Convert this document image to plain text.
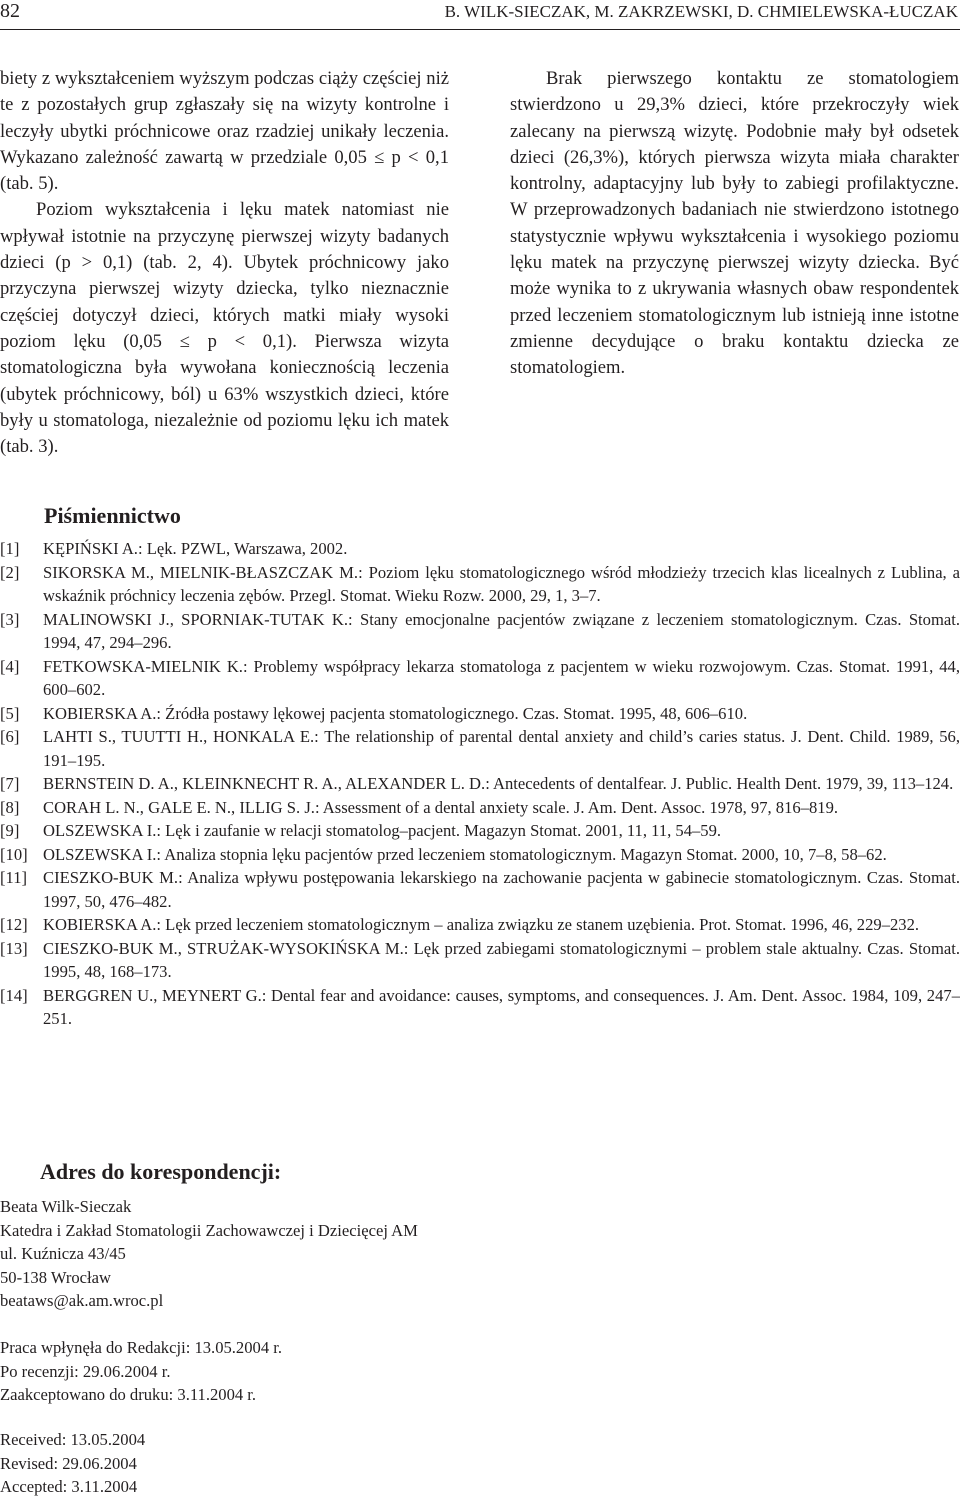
82	B. WILK-SIECZAK, M. ZAKRZEWSKI, D. CHMIELEWSKA-ŁUCZAK

biety z wykształceniem wyższym podczas ciąży częściej niż te z pozostałych grup zgłaszały się na wizyty kontrolne i leczyły ubytki próchnicowe oraz rzadziej unikały leczenia. Wykazano zależność zawartą w przedziale 0,05 ≤ p < 0,1 (tab. 5).

Poziom wykształcenia i lęku matek natomiast nie wpływał istotnie na przyczynę pierwszej wizyty badanych dzieci (p > 0,1) (tab. 2, 4). Ubytek próchnicowy jako przyczyna pierwszej wizyty dziecka, tylko nieznacznie częściej dotyczył dzieci, których matki miały wysoki poziom lęku (0,05 ≤ p < 0,1). Pierwsza wizyta stomatologiczna była wywołana koniecznością leczenia (ubytek próchnicowy, ból) u 63% wszystkich dzieci, które były u stomatologa, niezależnie od poziomu lęku ich matek (tab. 3).

Brak pierwszego kontaktu ze stomatologiem stwierdzono u 29,3% dzieci, które przekroczyły wiek zalecany na pierwszą wizytę. Podobnie mały był odsetek dzieci (26,3%), których pierwsza wizyta miała charakter kontrolny, adaptacyjny lub były to zabiegi profilaktyczne. W przeprowadzonych badaniach nie stwierdzono istotnego statystycznie wpływu wykształcenia i wysokiego poziomu lęku matek na przyczynę pierwszej wizyty dziecka. Być może wynika to z ukrywania własnych obaw respondentek przed leczeniem stomatologicznym lub istnieją inne istotne zmienne decydujące o braku kontaktu dziecka ze stomatologiem.

Piśmiennictwo
[1] KĘPIŃSKI A.: Lęk. PZWL, Warszawa, 2002.
[2] SIKORSKA M., MIELNIK-BŁASZCZAK M.: Poziom lęku stomatologicznego wśród młodzieży trzecich klas licealnych z Lublina, a wskaźnik próchnicy leczenia zębów. Przegl. Stomat. Wieku Rozw. 2000, 29, 1, 3–7.
[3] MALINOWSKI J., SPORNIAK-TUTAK K.: Stany emocjonalne pacjentów związane z leczeniem stomatologicznym. Czas. Stomat. 1994, 47, 294–296.
[4] FETKOWSKA-MIELNIK K.: Problemy współpracy lekarza stomatologa z pacjentem w wieku rozwojowym. Czas. Stomat. 1991, 44, 600–602.
[5] KOBIERSKA A.: Źródła postawy lękowej pacjenta stomatologicznego. Czas. Stomat. 1995, 48, 606–610.
[6] LAHTI S., TUUTTI H., HONKALA E.: The relationship of parental dental anxiety and child’s caries status. J. Dent. Child. 1989, 56, 191–195.
[7] BERNSTEIN D. A., KLEINKNECHT R. A., ALEXANDER L. D.: Antecedents of dentalfear. J. Public. Health Dent. 1979, 39, 113–124.
[8] CORAH L. N., GALE E. N., ILLIG S. J.: Assessment of a dental anxiety scale. J. Am. Dent. Assoc. 1978, 97, 816–819.
[9] OLSZEWSKA I.: Lęk i zaufanie w relacji stomatolog–pacjent. Magazyn Stomat. 2001, 11, 11, 54–59.
[10] OLSZEWSKA I.: Analiza stopnia lęku pacjentów przed leczeniem stomatologicznym. Magazyn Stomat. 2000, 10, 7–8, 58–62.
[11] CIESZKO-BUK M.: Analiza wpływu postępowania lekarskiego na zachowanie pacjenta w gabinecie stomatologicznym. Czas. Stomat. 1997, 50, 476–482.
[12] KOBIERSKA A.: Lęk przed leczeniem stomatologicznym – analiza związku ze stanem uzębienia. Prot. Stomat. 1996, 46, 229–232.
[13] CIESZKO-BUK M., STRUŻAK-WYSOKIŃSKA M.: Lęk przed zabiegami stomatologicznymi – problem stale aktualny. Czas. Stomat. 1995, 48, 168–173.
[14] BERGGREN U., MEYNERT G.: Dental fear and avoidance: causes, symptoms, and consequences. J. Am. Dent. Assoc. 1984, 109, 247–251.
Adres do korespondencji:
Beata Wilk-Sieczak
Katedra i Zakład Stomatologii Zachowawczej i Dziecięcej AM
ul. Kuźnicza 43/45
50-138 Wrocław
beataws@ak.am.wroc.pl
Praca wpłynęła do Redakcji: 13.05.2004 r.
Po recenzji: 29.06.2004 r.
Zaakceptowano do druku: 3.11.2004 r.
Received: 13.05.2004
Revised: 29.06.2004
Accepted: 3.11.2004
